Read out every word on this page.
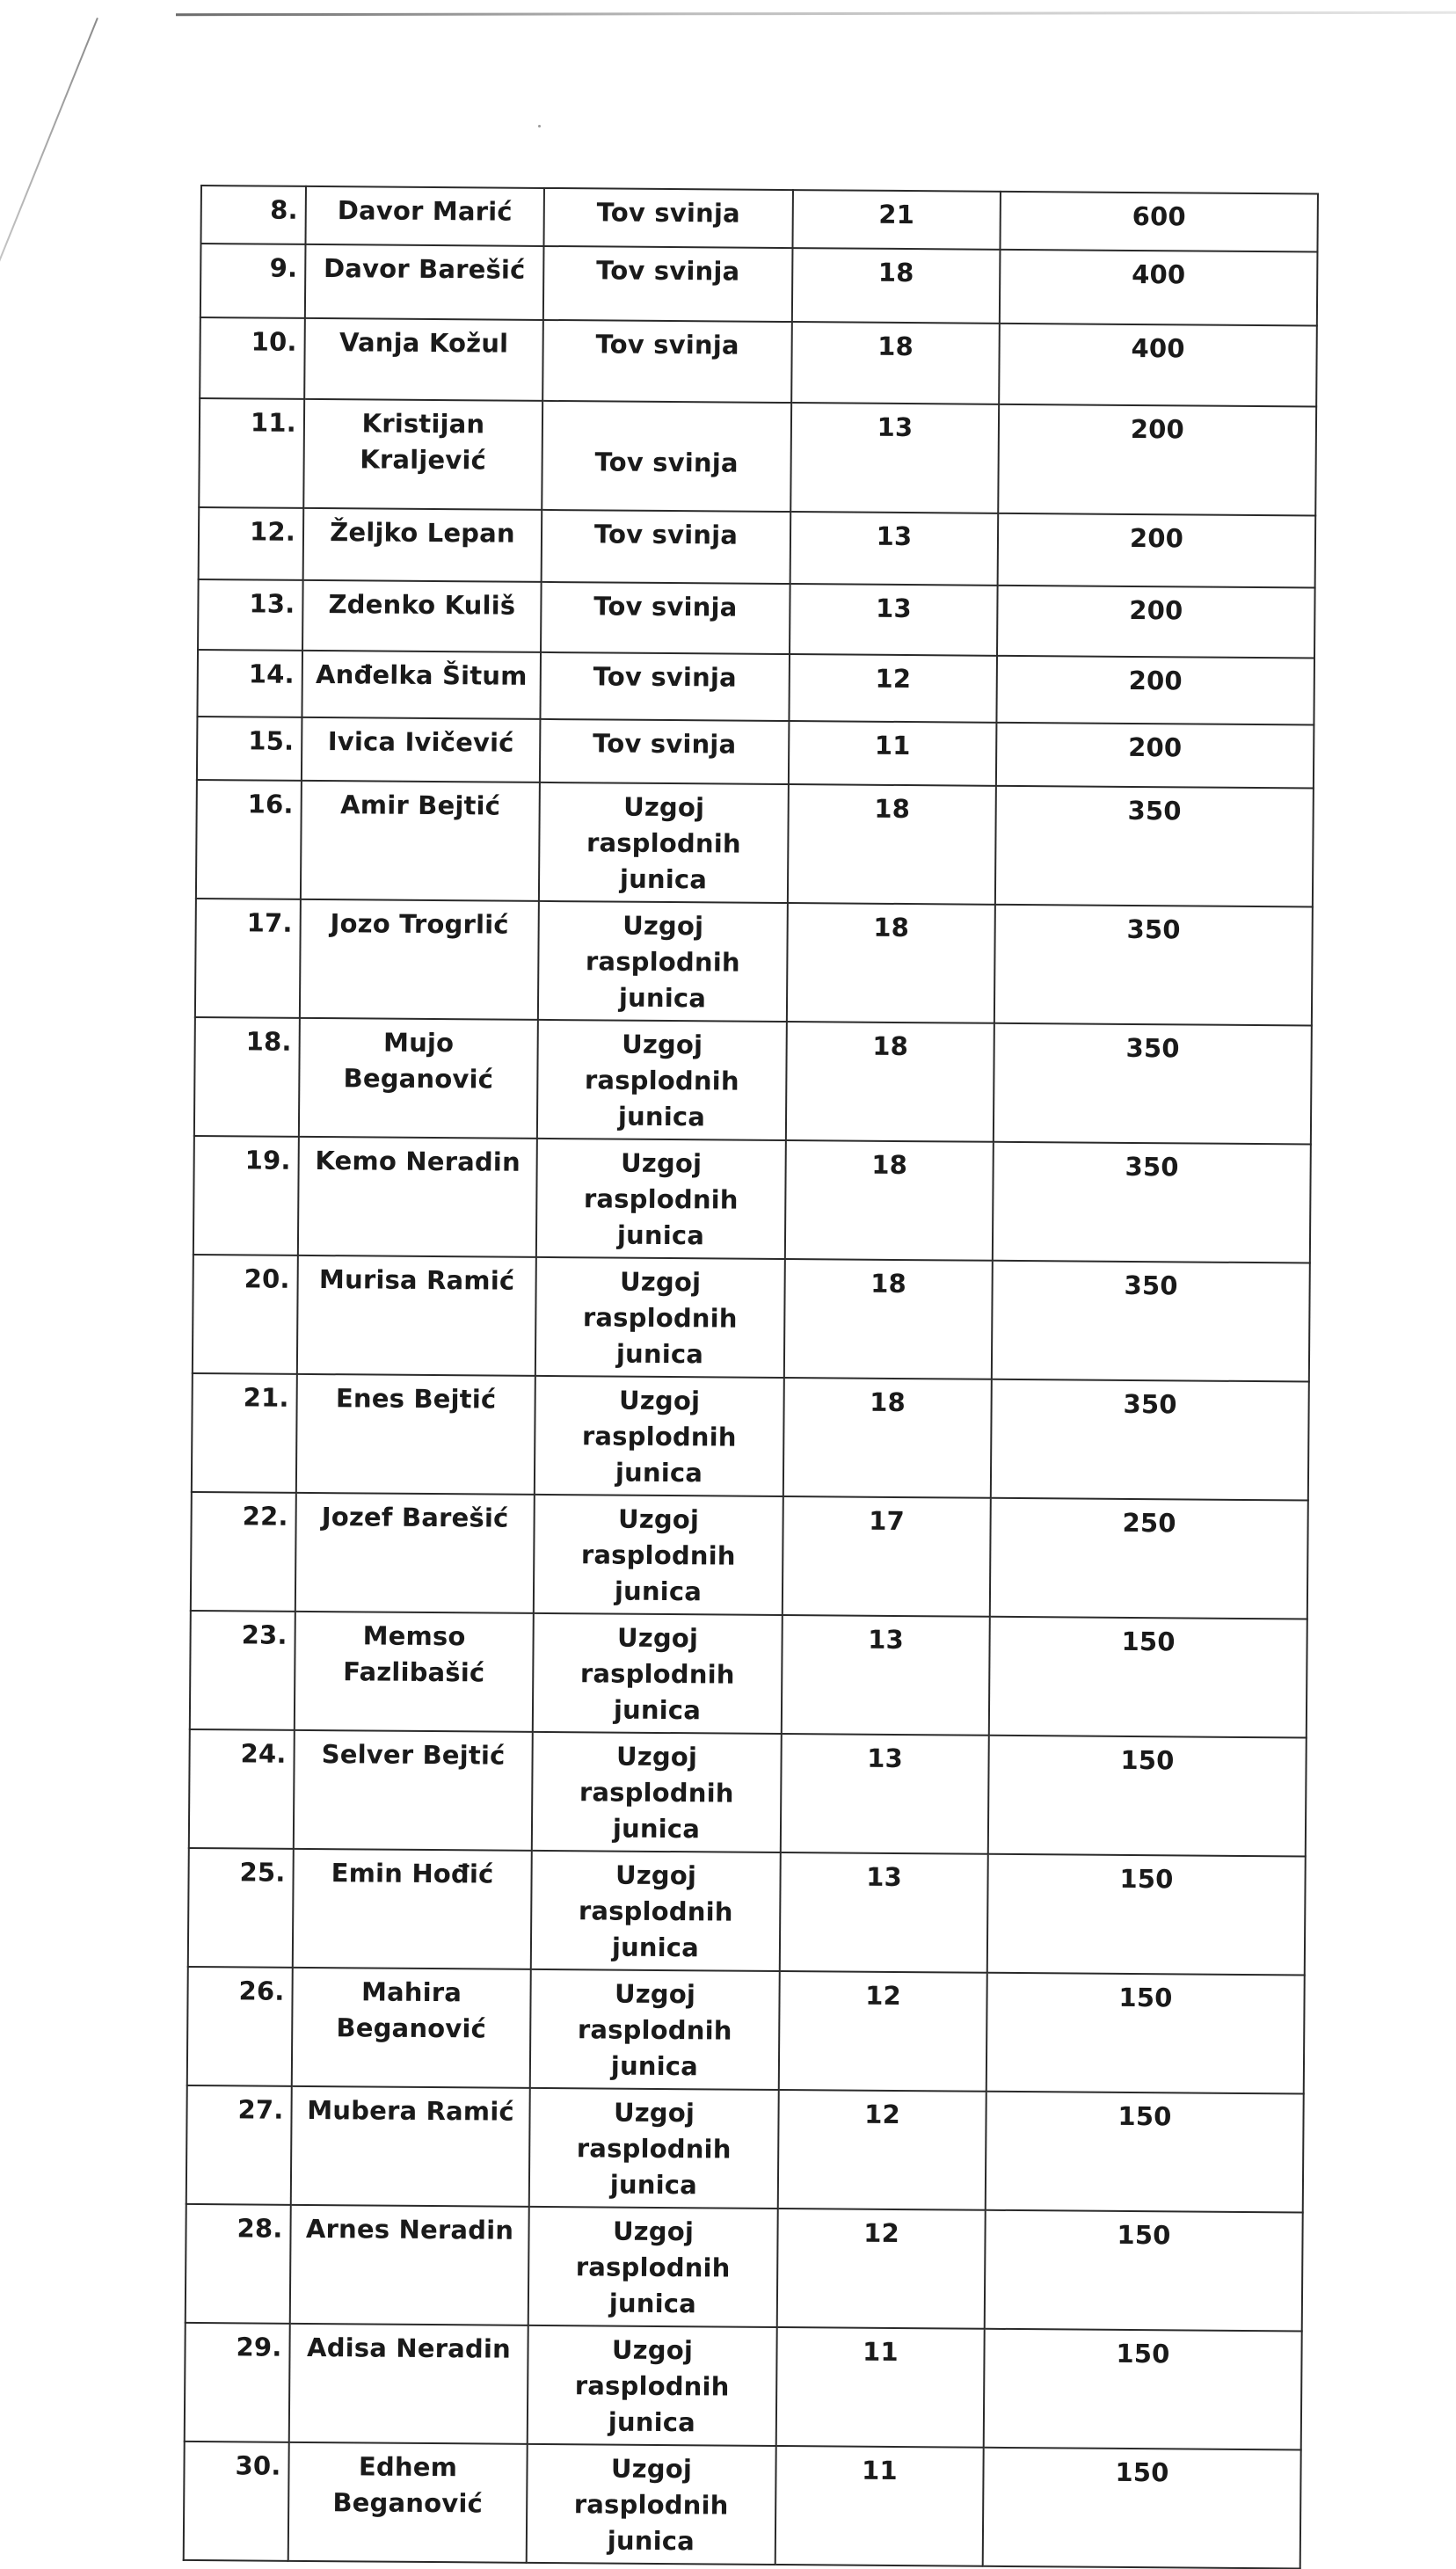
8.	Davor Marić	Tov svinja	21	600
9.	Davor Barešić	Tov svinja	18	400
10.	Vanja Kožul	Tov svinja	18	400
11.	Kristijan Kraljević	Tov svinja	13	200
12.	Željko Lepan	Tov svinja	13	200
13.	Zdenko Kuliš	Tov svinja	13	200
14.	Anđelka Šitum	Tov svinja	12	200
15.	Ivica Ivičević	Tov svinja	11	200
16.	Amir Bejtić	Uzgoj rasplodnih junica	18	350
17.	Jozo Trogrlić	Uzgoj rasplodnih junica	18	350
18.	Mujo Beganović	Uzgoj rasplodnih junica	18	350
19.	Kemo Neradin	Uzgoj rasplodnih junica	18	350
20.	Murisa Ramić	Uzgoj rasplodnih junica	18	350
21.	Enes Bejtić	Uzgoj rasplodnih junica	18	350
22.	Jozef Barešić	Uzgoj rasplodnih junica	17	250
23.	Memso Fazlibašić	Uzgoj rasplodnih junica	13	150
24.	Selver Bejtić	Uzgoj rasplodnih junica	13	150
25.	Emin Hođić	Uzgoj rasplodnih junica	13	150
26.	Mahira Beganović	Uzgoj rasplodnih junica	12	150
27.	Mubera Ramić	Uzgoj rasplodnih junica	12	150
28.	Arnes Neradin	Uzgoj rasplodnih junica	12	150
29.	Adisa Neradin	Uzgoj rasplodnih junica	11	150
30.	Edhem Beganović	Uzgoj rasplodnih junica	11	150
